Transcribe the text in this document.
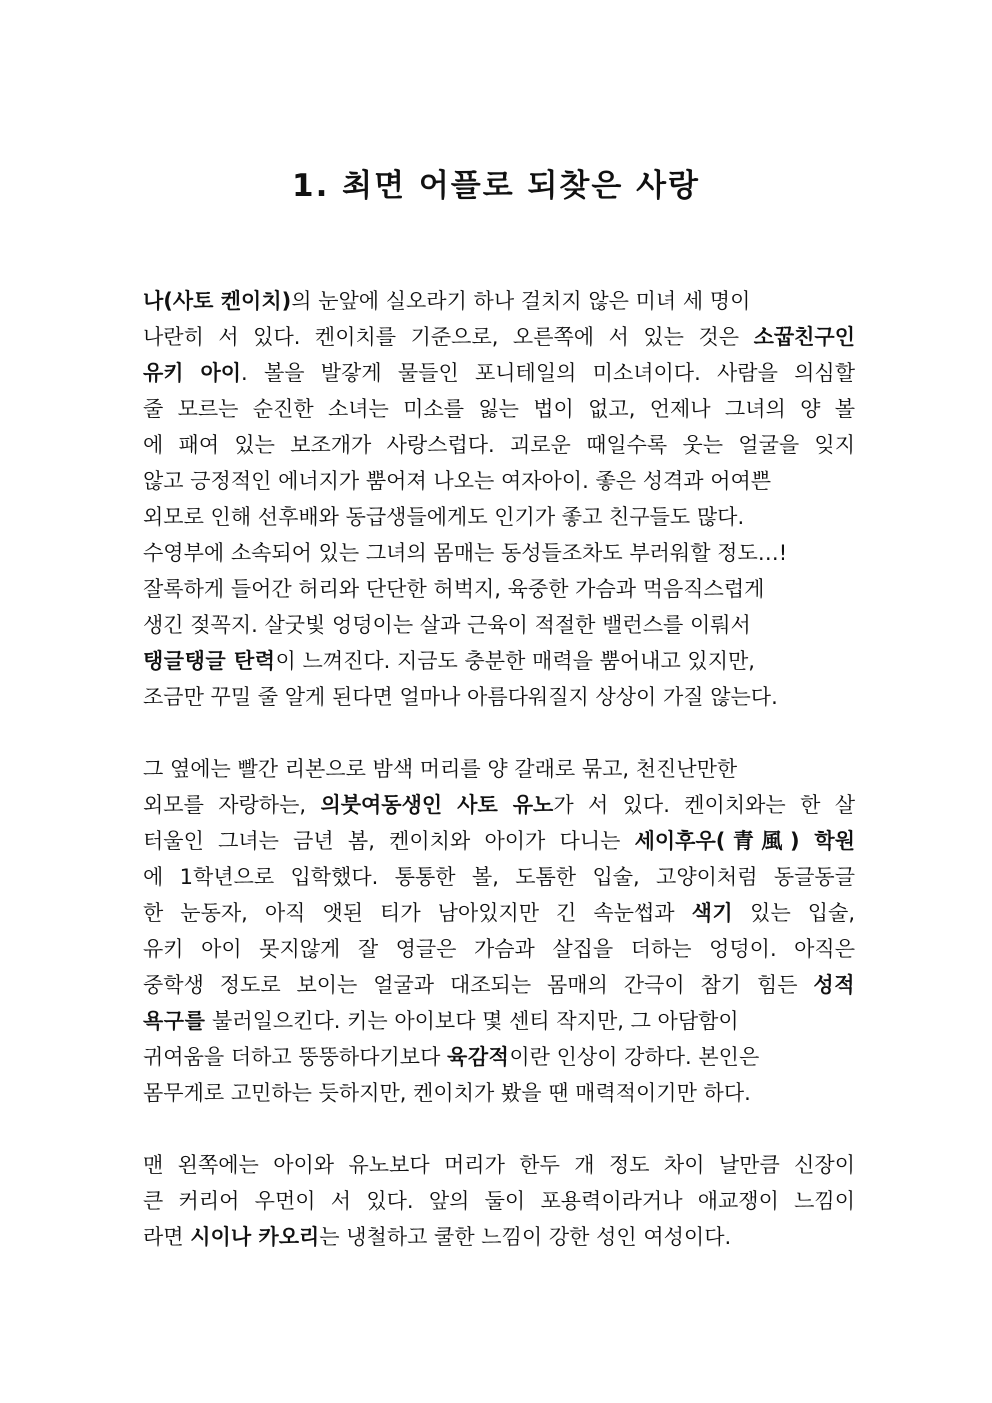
1. 최면 어플로 되찾은 사랑

나(사토 켄이치)의 눈앞에 실오라기 하나 걸치지 않은 미녀 세 명이

나란히 서 있다. 켄이치를 기준으로, 오른쪽에 서 있는 것은 소꿉친구인

유키 아이. 볼을 발갛게 물들인 포니테일의 미소녀이다. 사람을 의심할

줄 모르는 순진한 소녀는 미소를 잃는 법이 없고, 언제나 그녀의 양 볼

에 패여 있는 보조개가 사랑스럽다. 괴로운 때일수록 웃는 얼굴을 잊지

않고 긍정적인 에너지가 뿜어져 나오는 여자아이. 좋은 성격과 어여쁜

외모로 인해 선후배와 동급생들에게도 인기가 좋고 친구들도 많다.

수영부에 소속되어 있는 그녀의 몸매는 동성들조차도 부러워할 정도…!

잘록하게 들어간 허리와 단단한 허벅지, 육중한 가슴과 먹음직스럽게

생긴 젖꼭지. 살굿빛 엉덩이는 살과 근육이 적절한 밸런스를 이뤄서

탱글탱글 탄력이 느껴진다. 지금도 충분한 매력을 뿜어내고 있지만,

조금만 꾸밀 줄 알게 된다면 얼마나 아름다워질지 상상이 가질 않는다.

그 옆에는 빨간 리본으로 밤색 머리를 양 갈래로 묶고, 천진난만한

외모를 자랑하는, 의붓여동생인 사토 유노가 서 있다. 켄이치와는 한 살

터울인 그녀는 금년 봄, 켄이치와 아이가 다니는 세이후우(青風) 학원

에 1학년으로 입학했다. 통통한 볼, 도톰한 입술, 고양이처럼 동글동글

한 눈동자, 아직 앳된 티가 남아있지만 긴 속눈썹과 색기 있는 입술,

유키 아이 못지않게 잘 영글은 가슴과 살집을 더하는 엉덩이. 아직은

중학생 정도로 보이는 얼굴과 대조되는 몸매의 간극이 참기 힘든 성적

욕구를 불러일으킨다. 키는 아이보다 몇 센티 작지만, 그 아담함이

귀여움을 더하고 뚱뚱하다기보다 육감적이란 인상이 강하다. 본인은

몸무게로 고민하는 듯하지만, 켄이치가 봤을 땐 매력적이기만 하다.

맨 왼쪽에는 아이와 유노보다 머리가 한두 개 정도 차이 날만큼 신장이

큰 커리어 우먼이 서 있다. 앞의 둘이 포용력이라거나 애교쟁이 느낌이

라면 시이나 카오리는 냉철하고 쿨한 느낌이 강한 성인 여성이다.
